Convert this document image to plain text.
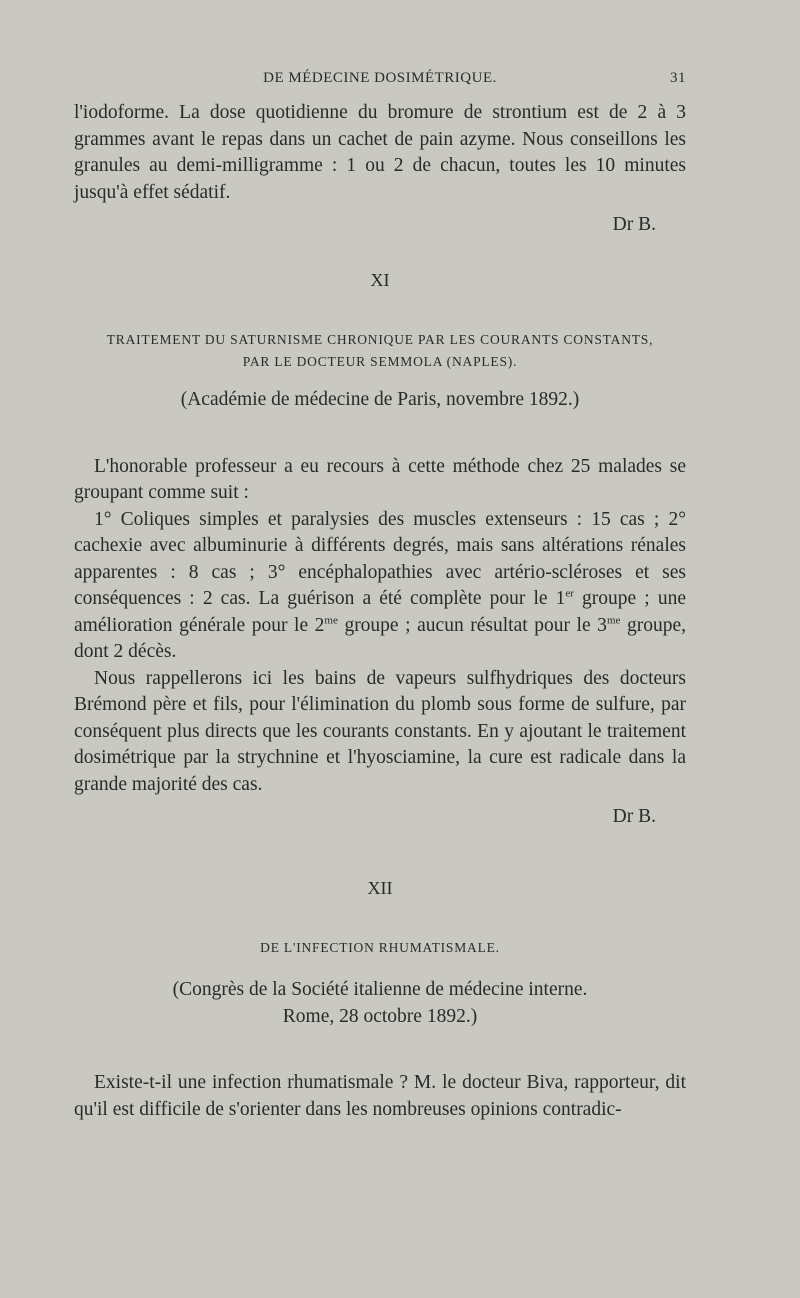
DE MÉDECINE DOSIMÉTRIQUE.	31

l'iodoforme. La dose quotidienne du bromure de strontium est de 2 à 3 grammes avant le repas dans un cachet de pain azyme. Nous conseillons les granules au demi-milligramme : 1 ou 2 de chacun, toutes les 10 minutes jusqu'à effet sédatif.

Dr B.

XI

TRAITEMENT DU SATURNISME CHRONIQUE PAR LES COURANTS CONSTANTS,

PAR LE DOCTEUR SEMMOLA (NAPLES).

(Académie de médecine de Paris, novembre 1892.)

L'honorable professeur a eu recours à cette méthode chez 25 malades se groupant comme suit :

1° Coliques simples et paralysies des muscles extenseurs : 15 cas ; 2° cachexie avec albuminurie à différents degrés, mais sans altérations rénales apparentes : 8 cas ; 3° encéphalopathies avec artério-scléroses et ses conséquences : 2 cas. La guérison a été complète pour le 1er groupe ; une amélioration générale pour le $2^{me}$ groupe ; aucun résultat pour le $3^{me}$ groupe, dont 2 décès.

Nous rappellerons ici les bains de vapeurs sulfhydriques des docteurs Brémond père et fils, pour l'élimination du plomb sous forme de sulfure, par conséquent plus directs que les courants constants. En y ajoutant le traitement dosimétrique par la strychnine et l'hyosciamine, la cure est radicale dans la grande majorité des cas.

Dr B.

XII

DE L'INFECTION RHUMATISMALE.

(Congrès de la Société italienne de médecine interne.

Rome, 28 octobre 1892.)

Existe-t-il une infection rhumatismale ? M. le docteur Biva, rapporteur, dit qu'il est difficile de s'orienter dans les nombreuses opinions contradic-
